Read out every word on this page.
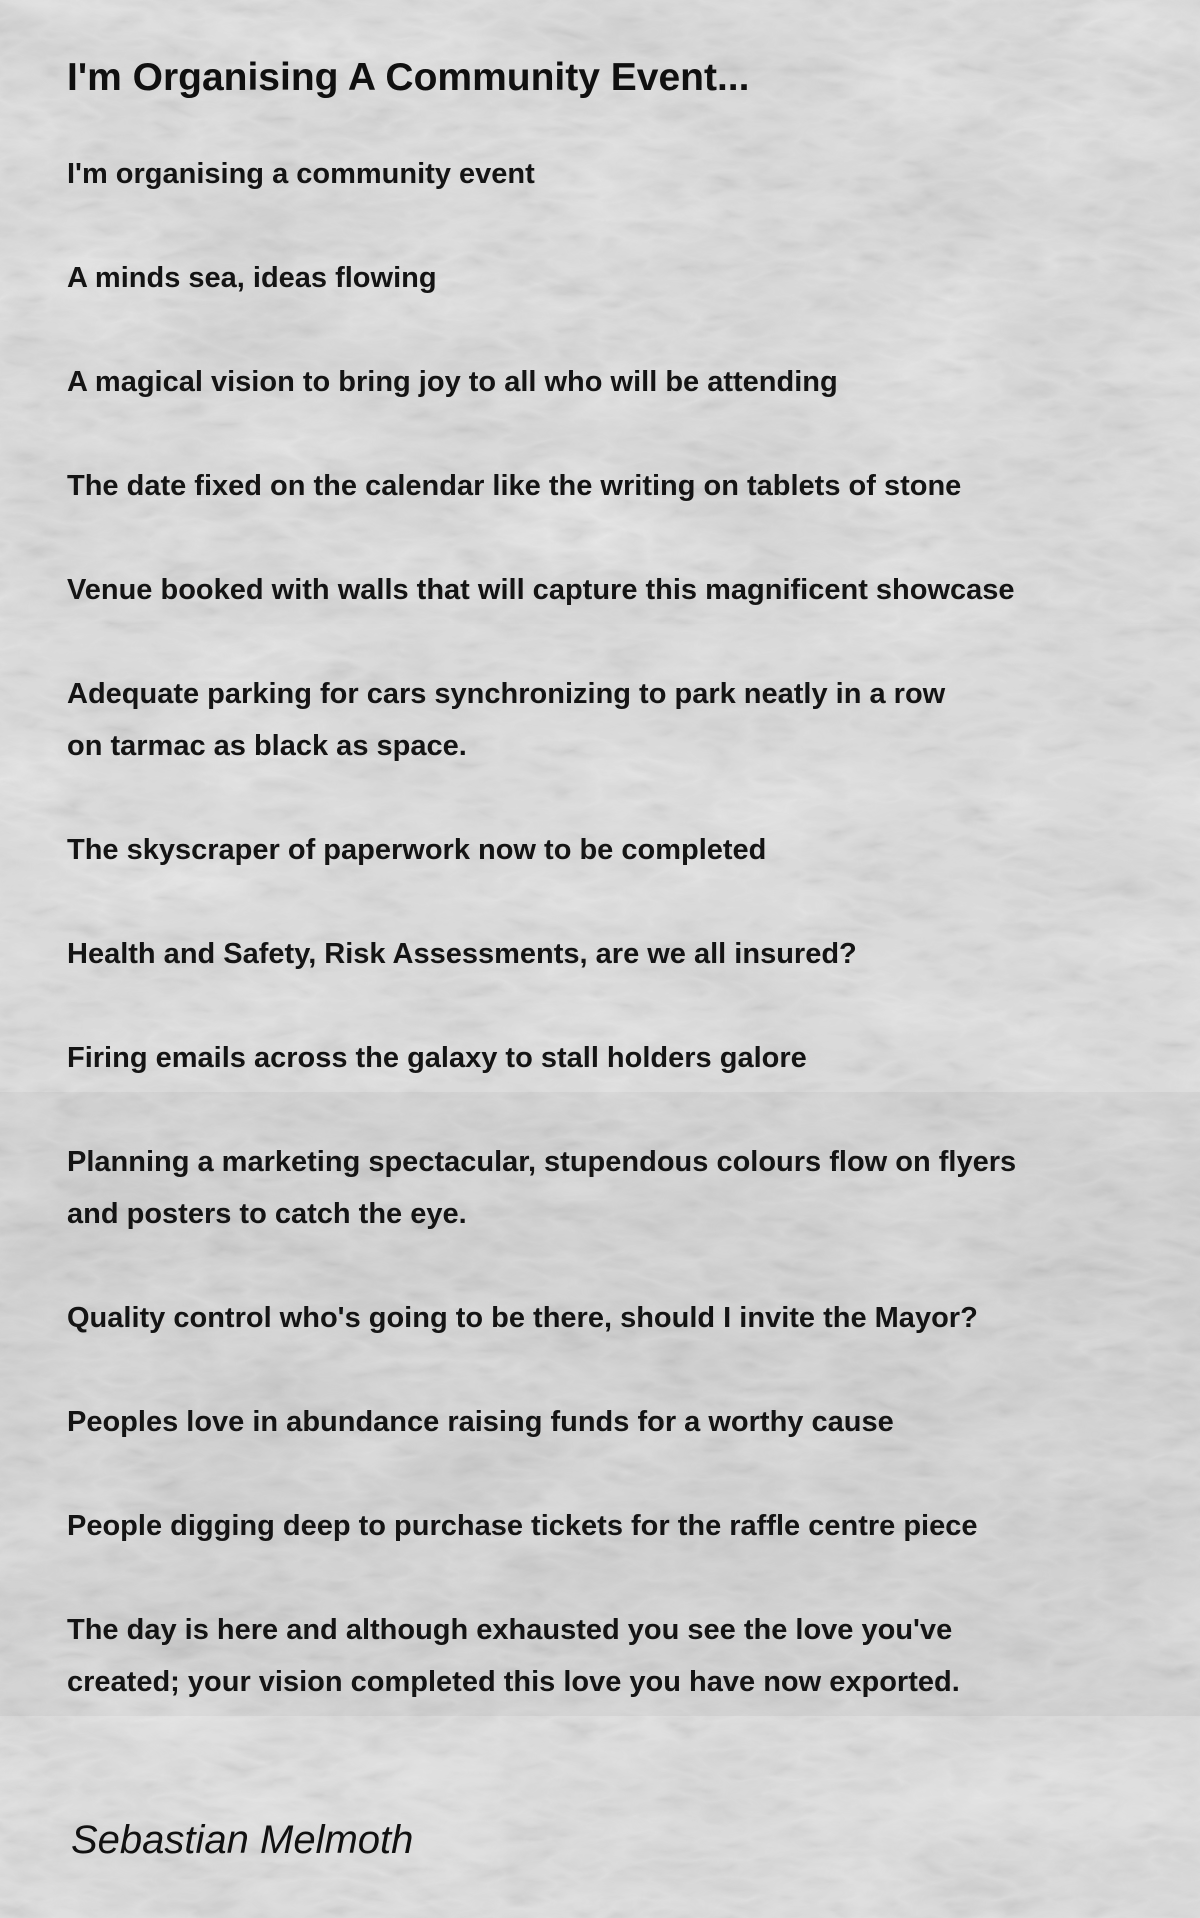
I'm Organising A Community Event...

I'm organising a community event

A minds sea, ideas flowing

A magical vision to bring joy to all who will be attending

The date fixed on the calendar like the writing on tablets of stone

Venue booked with walls that will capture this magnificent showcase

Adequate parking for cars synchronizing to park neatly in a row
on tarmac as black as space.

The skyscraper of paperwork now to be completed

Health and Safety, Risk Assessments, are we all insured?

Firing emails across the galaxy to stall holders galore

Planning a marketing spectacular, stupendous colours flow on flyers
and posters to catch the eye.

Quality control who's going to be there, should I invite the Mayor?

Peoples love in abundance raising funds for a worthy cause

People digging deep to purchase tickets for the raffle centre piece

The day is here and although exhausted you see the love you've
created; your vision completed this love you have now exported.

Sebastian Melmoth
